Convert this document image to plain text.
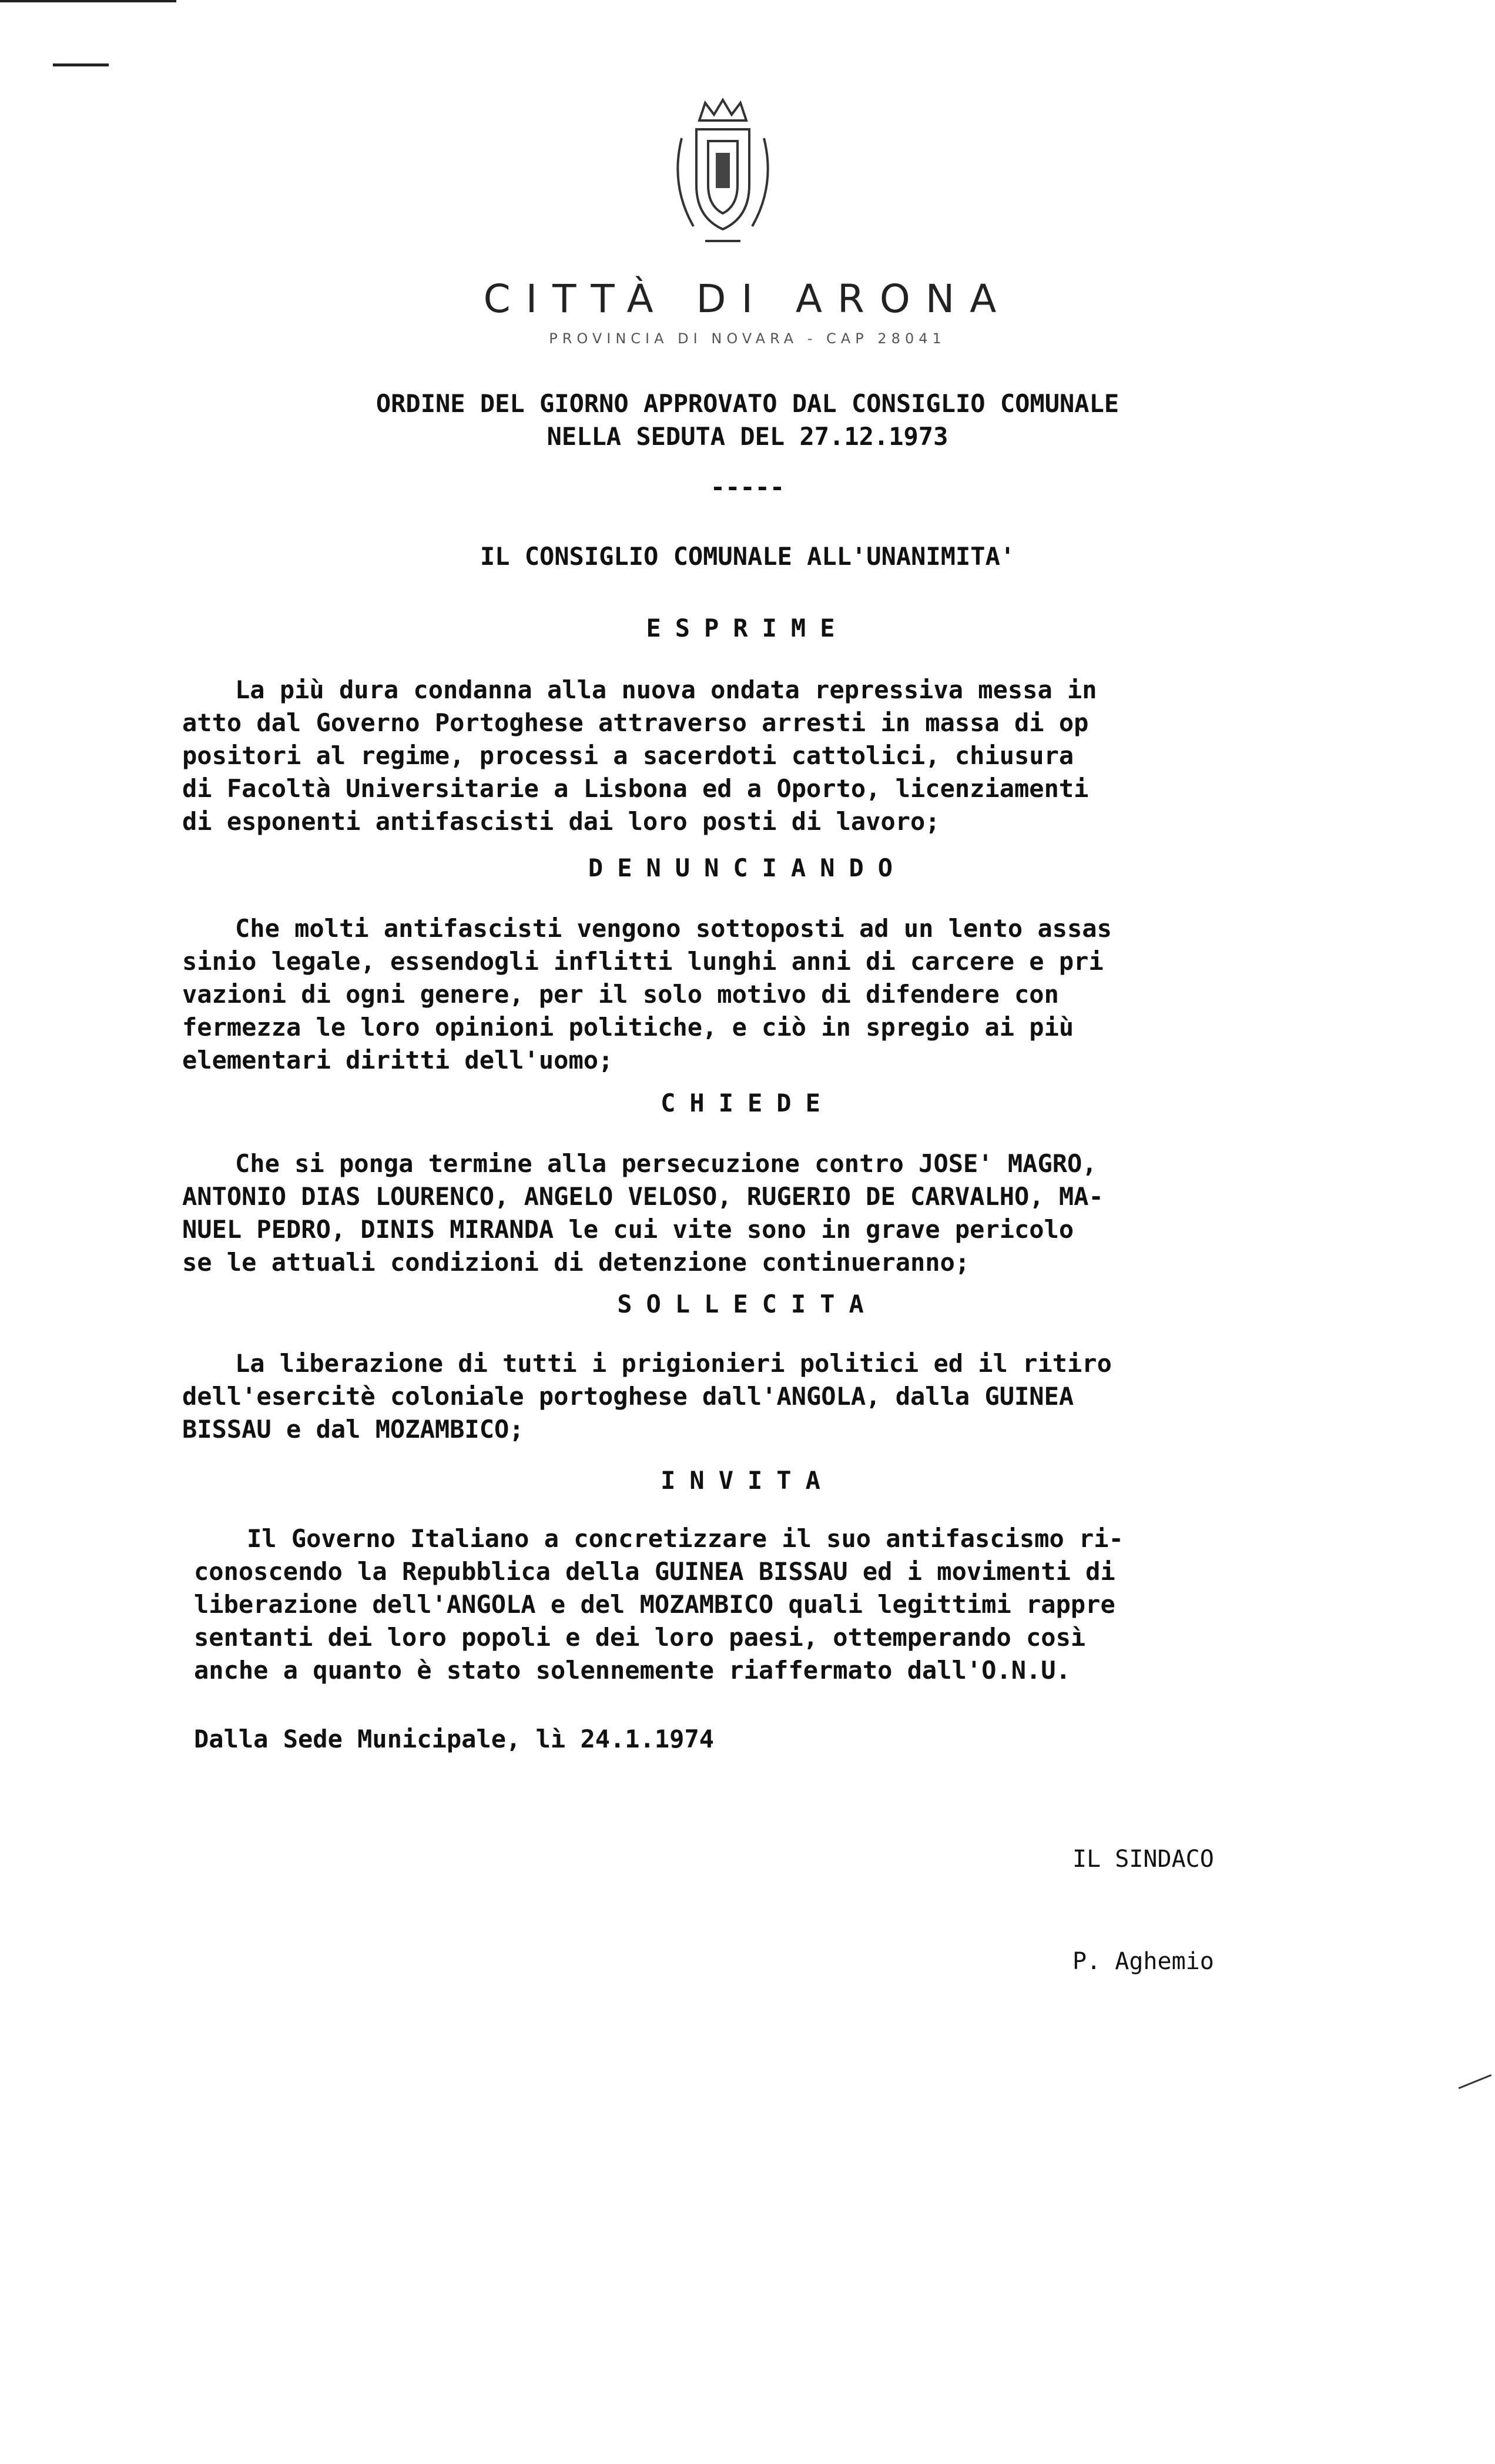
CITTÀ DI ARONA
PROVINCIA DI NOVARA - CAP 28041
ORDINE DEL GIORNO APPROVATO DAL CONSIGLIO COMUNALE
NELLA SEDUTA DEL 27.12.1973
-----
IL CONSIGLIO COMUNALE ALL'UNANIMITA'
ESPRIME
La più dura condanna alla nuova ondata repressiva messa in
atto dal Governo Portoghese attraverso arresti in massa di op
positori al regime, processi a sacerdoti cattolici, chiusura
di Facoltà Universitarie a Lisbona ed a Oporto, licenziamenti
di esponenti antifascisti dai loro posti di lavoro;
DENUNCIANDO
Che molti antifascisti vengono sottoposti ad un lento assas
sinio legale, essendogli inflitti lunghi anni di carcere e pri
vazioni di ogni genere, per il solo motivo di difendere con
fermezza le loro opinioni politiche, e ciò in spregio ai più
elementari diritti dell'uomo;
CHIEDE
Che si ponga termine alla persecuzione contro JOSE' MAGRO,
ANTONIO DIAS LOURENCO, ANGELO VELOSO, RUGERIO DE CARVALHO, MA-
NUEL PEDRO, DINIS MIRANDA le cui vite sono in grave pericolo
se le attuali condizioni di detenzione continueranno;
SOLLECITA
La liberazione di tutti i prigionieri politici ed il ritiro
dell'esercitè coloniale portoghese dall'ANGOLA, dalla GUINEA
BISSAU e dal MOZAMBICO;
INVITA
Il Governo Italiano a concretizzare il suo antifascismo ri-
conoscendo la Repubblica della GUINEA BISSAU ed i movimenti di
liberazione dell'ANGOLA e del MOZAMBICO quali legittimi rappre
sentanti dei loro popoli e dei loro paesi, ottemperando così
anche a quanto è stato solennemente riaffermato dall'O.N.U.
Dalla Sede Municipale, lì 24.1.1974

IL SINDACO

P. Aghemio
